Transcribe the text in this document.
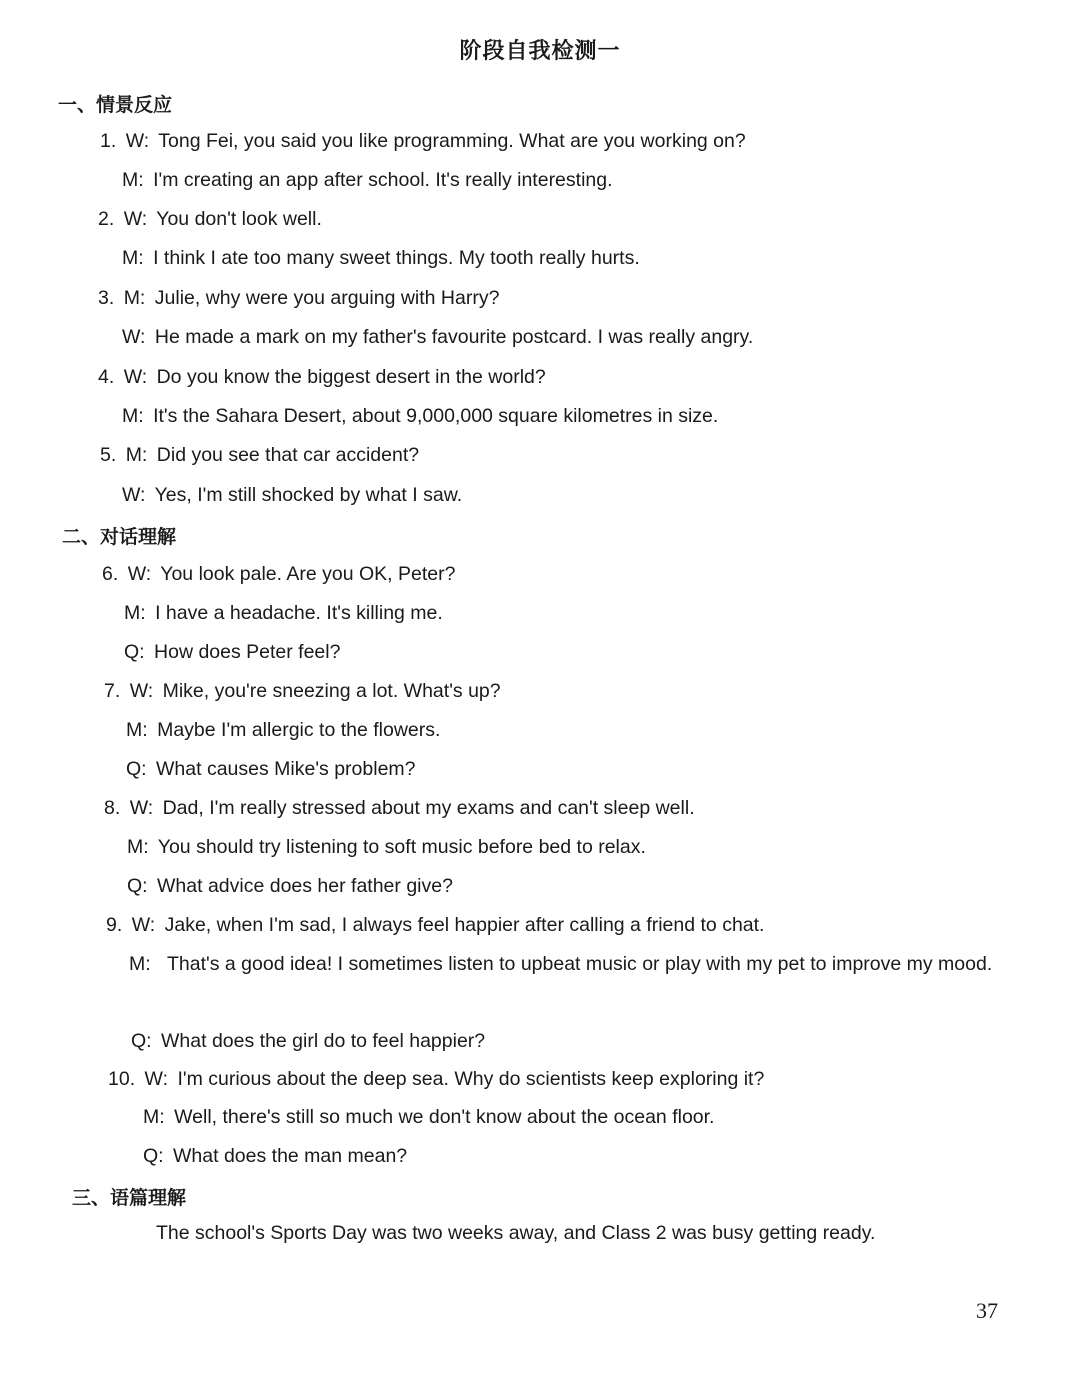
阶段自我检测一
一、情景反应
1. W: Tong Fei, you said you like programming. What are you working on?
M: I'm creating an app after school. It's really interesting.
2. W: You don't look well.
M: I think I ate too many sweet things. My tooth really hurts.
3. M: Julie, why were you arguing with Harry?
W: He made a mark on my father's favourite postcard. I was really angry.
4. W: Do you know the biggest desert in the world?
M: It's the Sahara Desert, about 9,000,000 square kilometres in size.
5. M: Did you see that car accident?
W: Yes, I'm still shocked by what I saw.
二、对话理解
6. W: You look pale. Are you OK, Peter?
M: I have a headache. It's killing me.
Q: How does Peter feel?
7. W: Mike, you're sneezing a lot. What's up?
M: Maybe I'm allergic to the flowers.
Q: What causes Mike's problem?
8. W: Dad, I'm really stressed about my exams and can't sleep well.
M: You should try listening to soft music before bed to relax.
Q: What advice does her father give?
9. W: Jake, when I'm sad, I always feel happier after calling a friend to chat.
M: That's a good idea! I sometimes listen to upbeat music or play with my pet to improve my mood.
Q: What does the girl do to feel happier?
10. W: I'm curious about the deep sea. Why do scientists keep exploring it?
M: Well, there's still so much we don't know about the ocean floor.
Q: What does the man mean?
三、语篇理解
The school's Sports Day was two weeks away, and Class 2 was busy getting ready.
37
